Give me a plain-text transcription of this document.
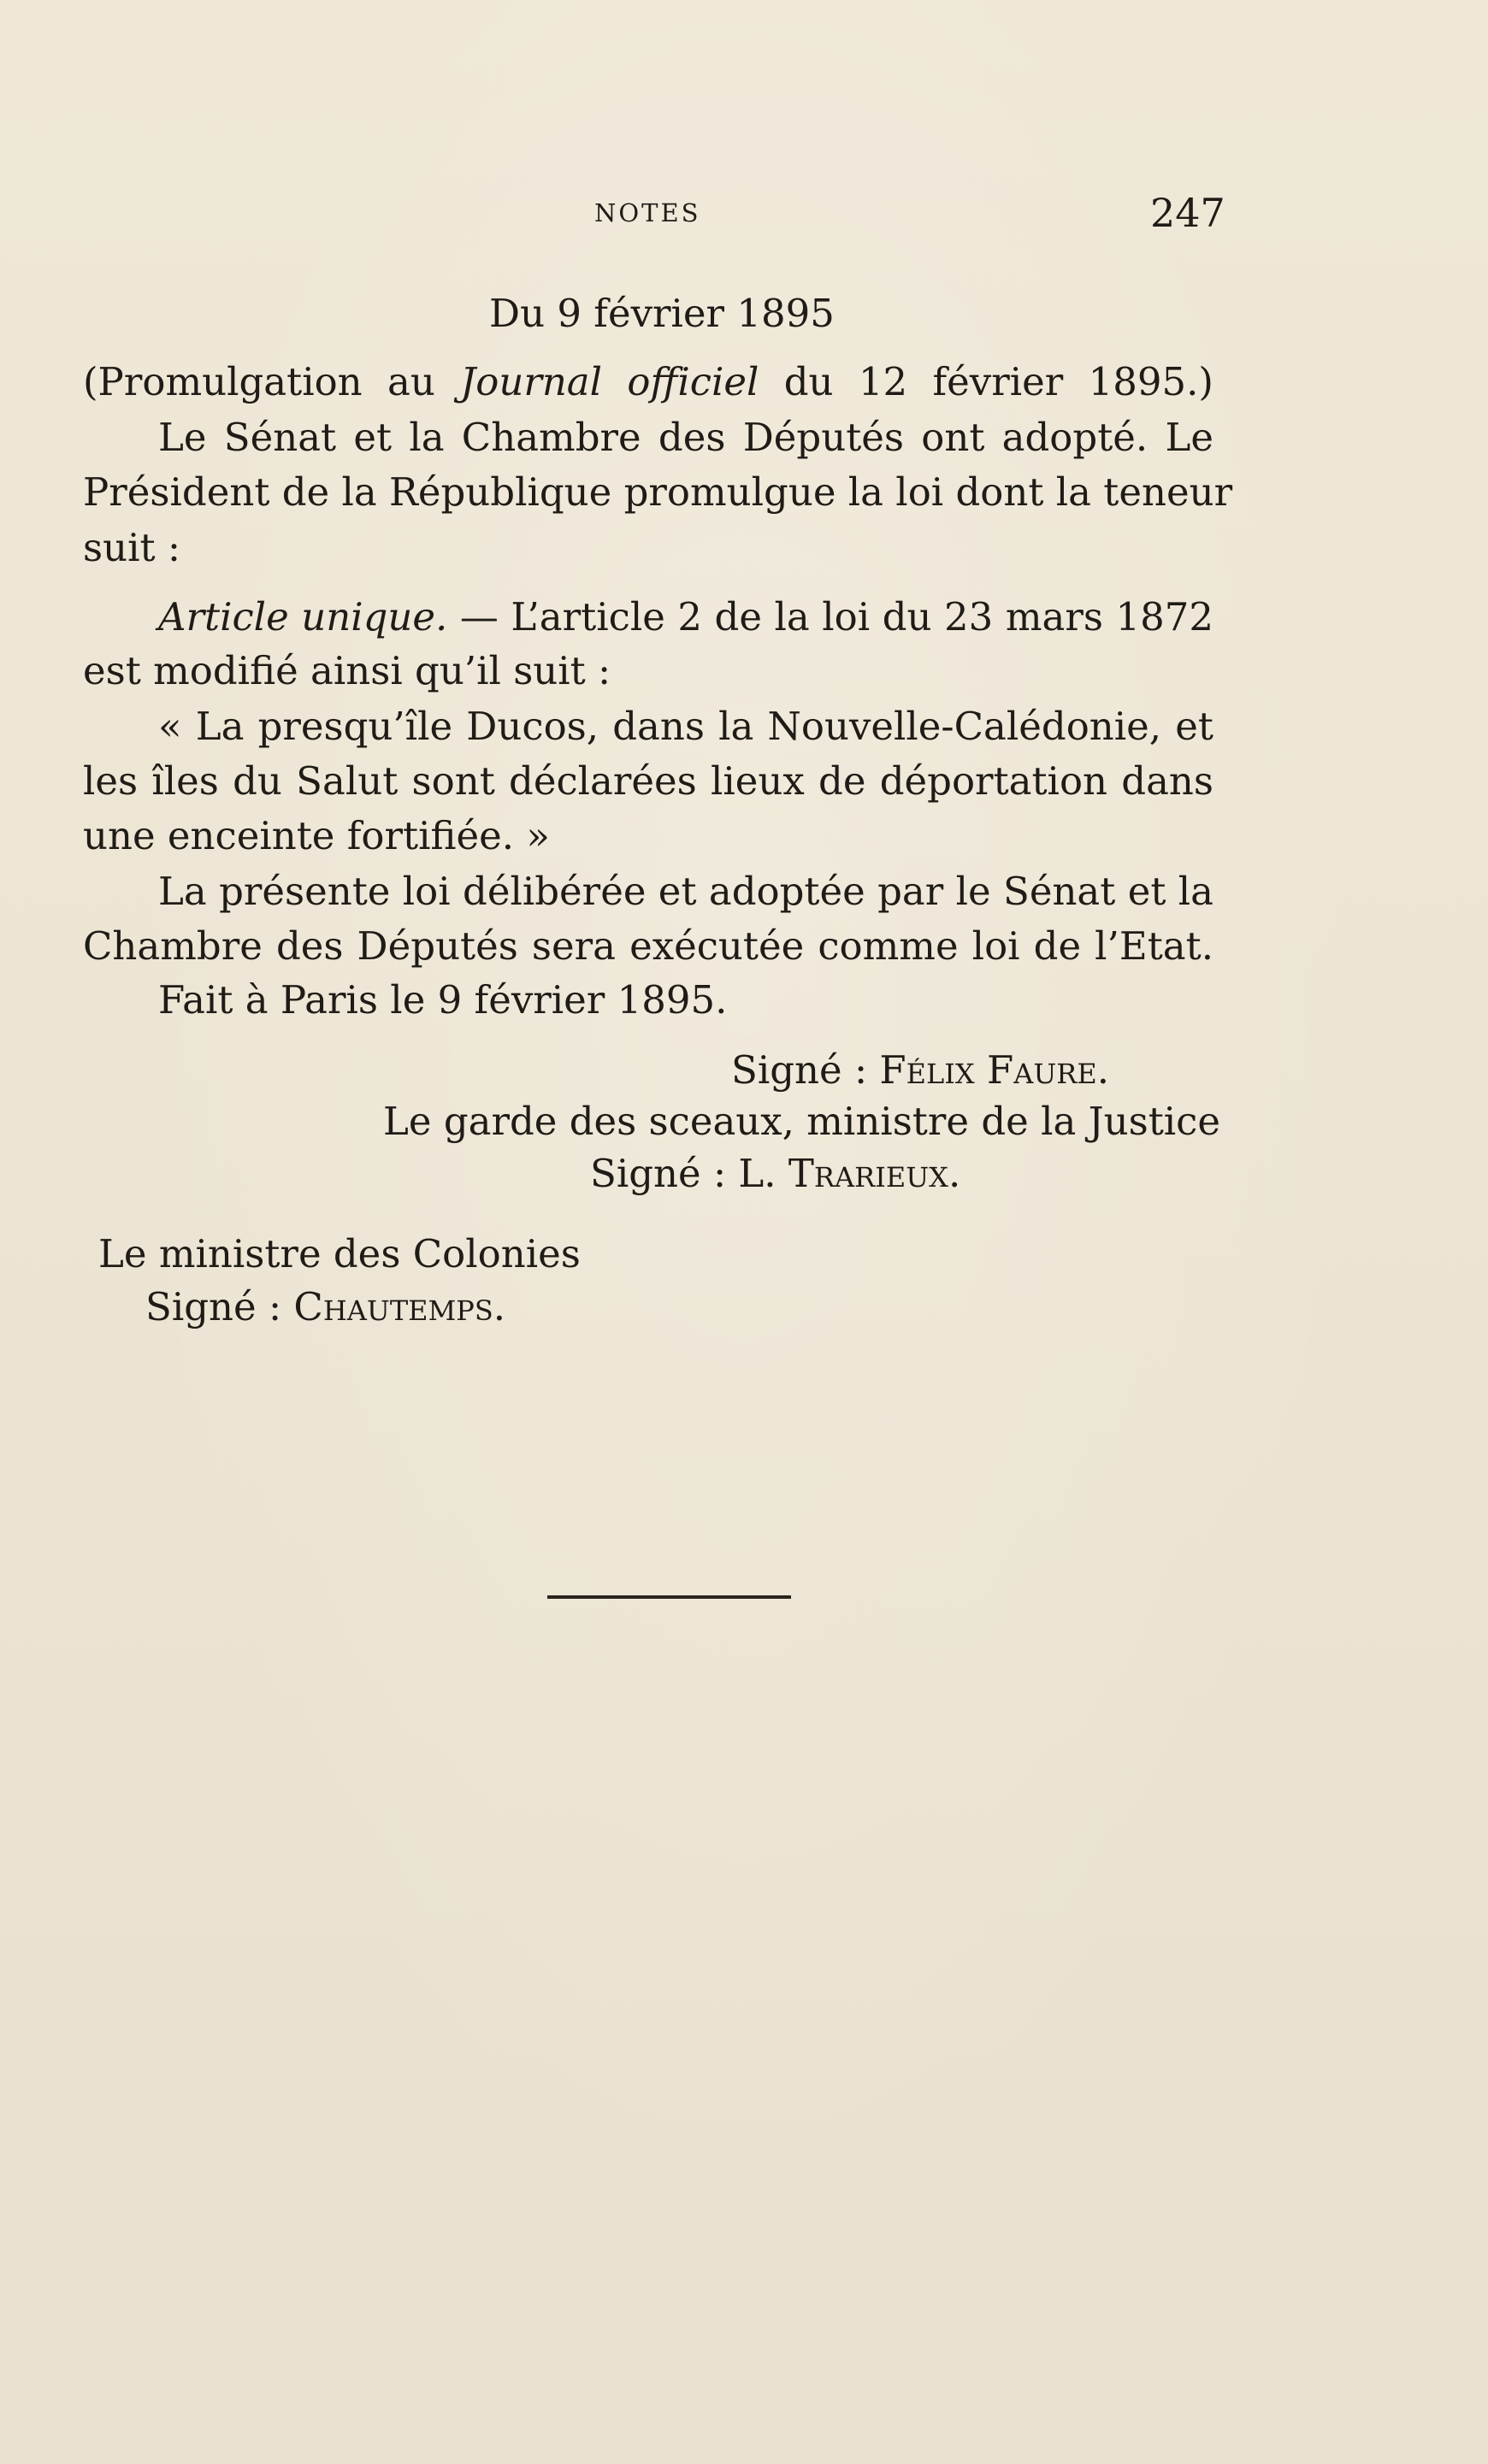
NOTES	247
Du 9 février 1895
(Promulgation au Journal officiel du 12 février 1895.)
Le Sénat et la Chambre des Députés ont adopté. Le
Président de la République promulgue la loi dont la teneur
suit :
Article unique. — L’article 2 de la loi du 23 mars 1872
est modifié ainsi qu’il suit :
« La presqu’île Ducos, dans la Nouvelle-Calédonie, et
les îles du Salut sont déclarées lieux de déportation dans
une enceinte fortifiée. »
La présente loi délibérée et adoptée par le Sénat et la
Chambre des Députés sera exécutée comme loi de l’Etat.
Fait à Paris le 9 février 1895.
Signé : Félix Faure.
Le garde des sceaux, ministre de la Justice
Signé : L. Trarieux.
Le ministre des Colonies
Signé : Chautemps.
